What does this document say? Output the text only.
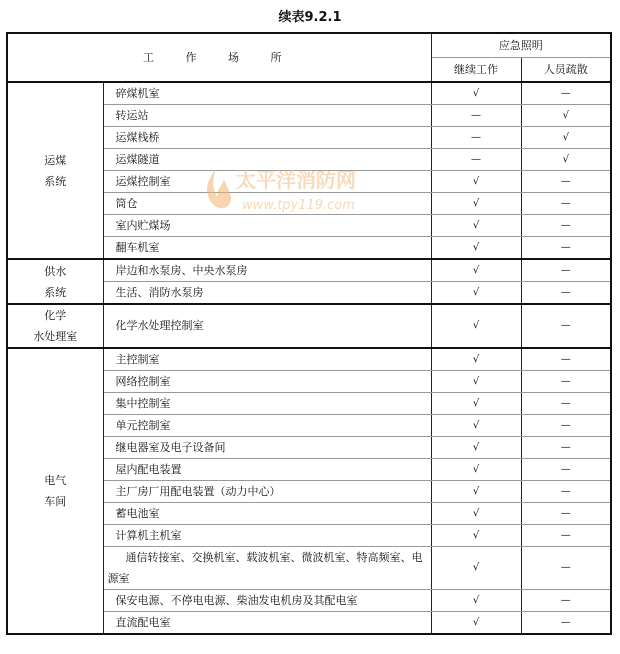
续表9.2.1
工 作 场 所		应急照明	
		继续工作	人员疏散

运煤
系统	碎煤机室	√	—
	转运站	—	√
	运煤栈桥	—	√
	运煤隧道	—	√
	运煤控制室	√	—
	筒仓	√	—
	室内贮煤场	√	—
	翻车机室	√	—

供水
系统	岸边和水泵房、中央水泵房	√	—
	生活、消防水泵房	√	—

化学
水处理室	化学水处理控制室	√	—

电气
车间	主控制室	√	—
	网络控制室	√	—
	集中控制室	√	—
	单元控制室	√	—
	继电器室及电子设备间	√	—
	屋内配电装置	√	—
	主厂房厂用配电装置（动力中心）	√	—
	蓄电池室	√	—
	计算机主机室	√	—
	通信转接室、交换机室、载波机室、微波机室、特高频室、电源室	√	—
	保安电源、不停电电源、柴油发电机房及其配电室	√	—
	直流配电室	√	—
太平洋消防网
www.tpy119.com
